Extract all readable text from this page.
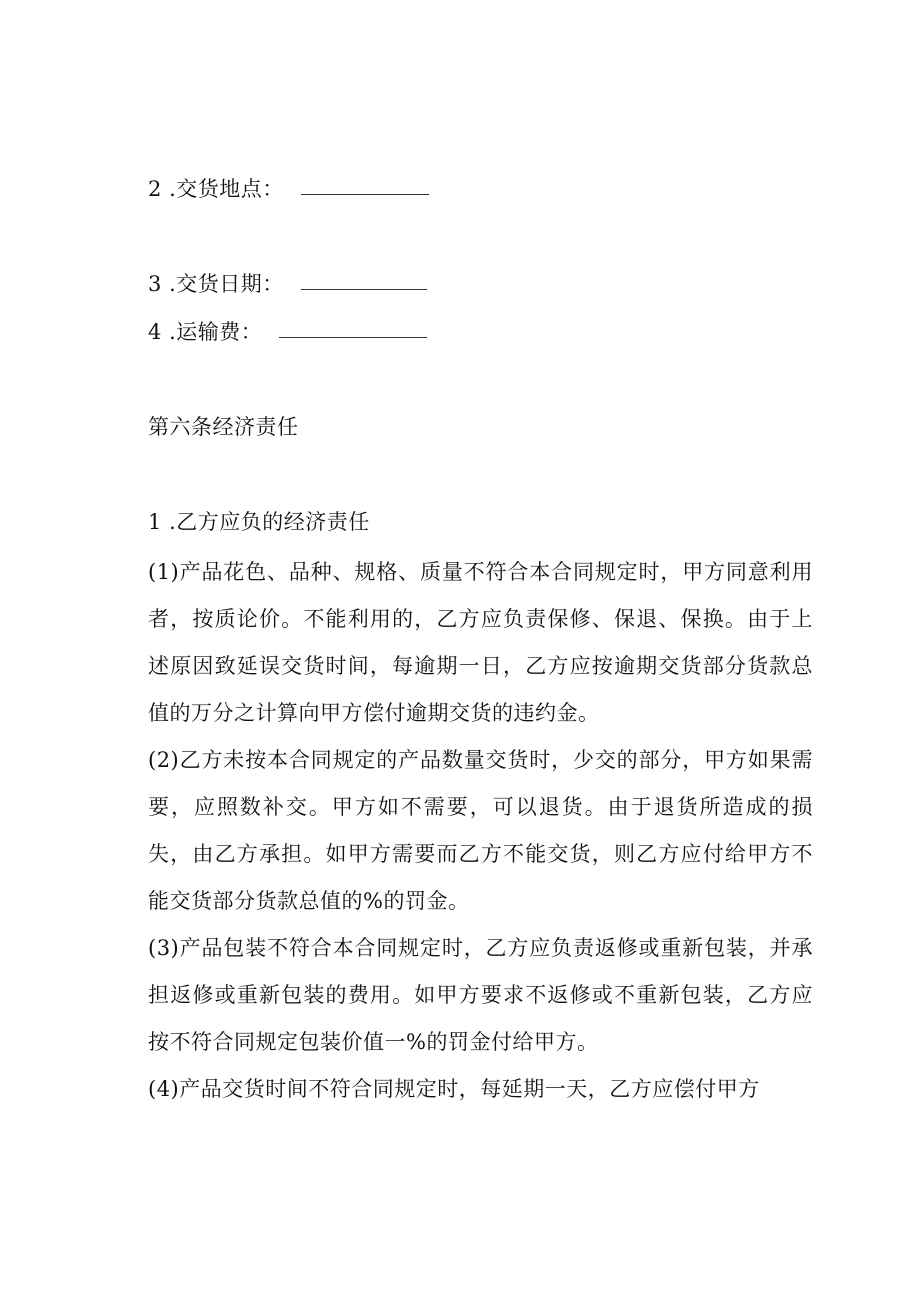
2 .交货地点：
3 .交货日期：
4 .运输费：
第六条经济责任
1 .乙方应负的经济责任
(1)产品花色、品种、规格、质量不符合本合同规定时，甲方同意利用者，按质论价。不能利用的，乙方应负责保修、保退、保换。由于上述原因致延误交货时间，每逾期一日，乙方应按逾期交货部分货款总值的万分之计算向甲方偿付逾期交货的违约金。
(2)乙方未按本合同规定的产品数量交货时，少交的部分，甲方如果需要，应照数补交。甲方如不需要，可以退货。由于退货所造成的损失，由乙方承担。如甲方需要而乙方不能交货，则乙方应付给甲方不能交货部分货款总值的%的罚金。
(3)产品包装不符合本合同规定时，乙方应负责返修或重新包装，并承担返修或重新包装的费用。如甲方要求不返修或不重新包装，乙方应按不符合同规定包装价值一%的罚金付给甲方。
(4)产品交货时间不符合同规定时，每延期一天，乙方应偿付甲方
